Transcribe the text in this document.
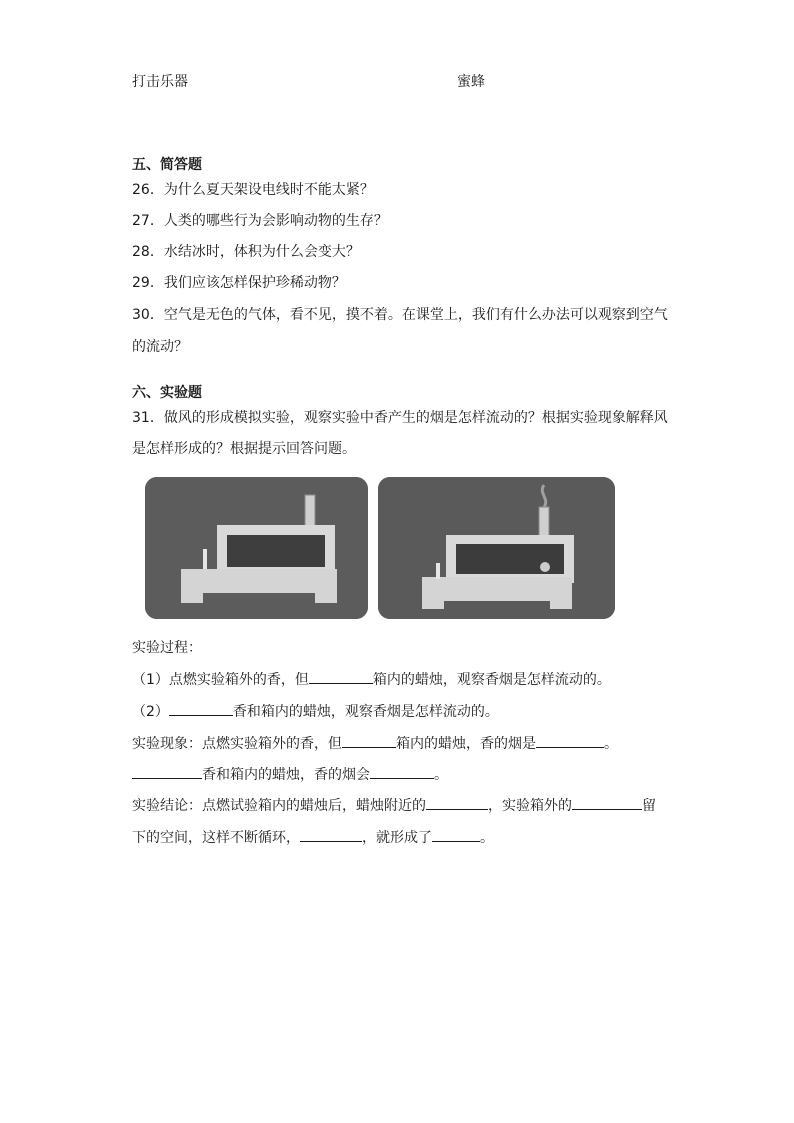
打击乐器	蜜蜂
五、简答题
26．为什么夏天架设电线时不能太紧？
27．人类的哪些行为会影响动物的生存？
28．水结冰时，体积为什么会变大？
29．我们应该怎样保护珍稀动物？
30．空气是无色的气体，看不见，摸不着。在课堂上，我们有什么办法可以观察到空气
的流动？
六、实验题
31．做风的形成模拟实验，观察实验中香产生的烟是怎样流动的？根据实验现象解释风
是怎样形成的？根据提示回答问题。
实验过程：
（1）点燃实验箱外的香，但	箱内的蜡烛，观察香烟是怎样流动的。
（2）	香和箱内的蜡烛，观察香烟是怎样流动的。
实验现象：点燃实验箱外的香，但	箱内的蜡烛，香的烟是	。
香和箱内的蜡烛，香的烟会	。
实验结论：点燃试验箱内的蜡烛后，蜡烛附近的	，实验箱外的	留
下的空间，这样不断循环，	，就形成了	。
